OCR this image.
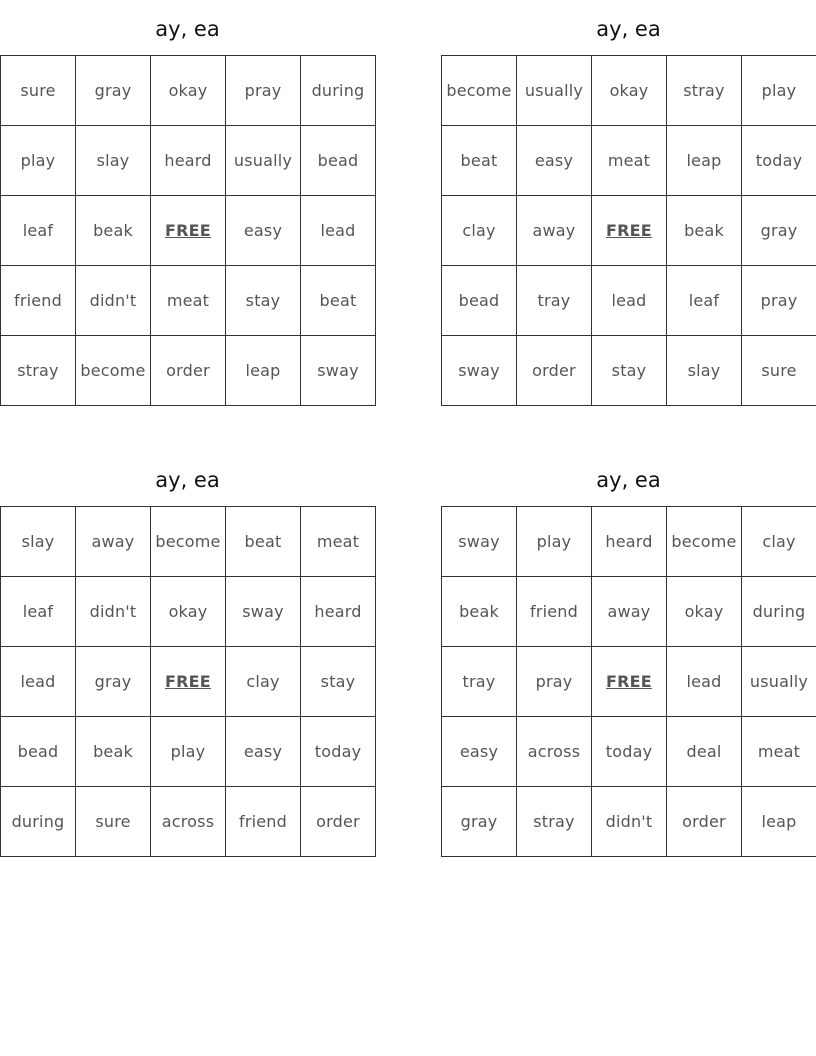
ay, ea
sure	gray	okay	pray	during
play	slay	heard	usually	bead
leaf	beak	FREE	easy	lead
friend	didn't	meat	stay	beat
stray	become	order	leap	sway
ay, ea
become	usually	okay	stray	play
beat	easy	meat	leap	today
clay	away	FREE	beak	gray
bead	tray	lead	leaf	pray
sway	order	stay	slay	sure
ay, ea
slay	away	become	beat	meat
leaf	didn't	okay	sway	heard
lead	gray	FREE	clay	stay
bead	beak	play	easy	today
during	sure	across	friend	order
ay, ea
sway	play	heard	become	clay
beak	friend	away	okay	during
tray	pray	FREE	lead	usually
easy	across	today	deal	meat
gray	stray	didn't	order	leap
